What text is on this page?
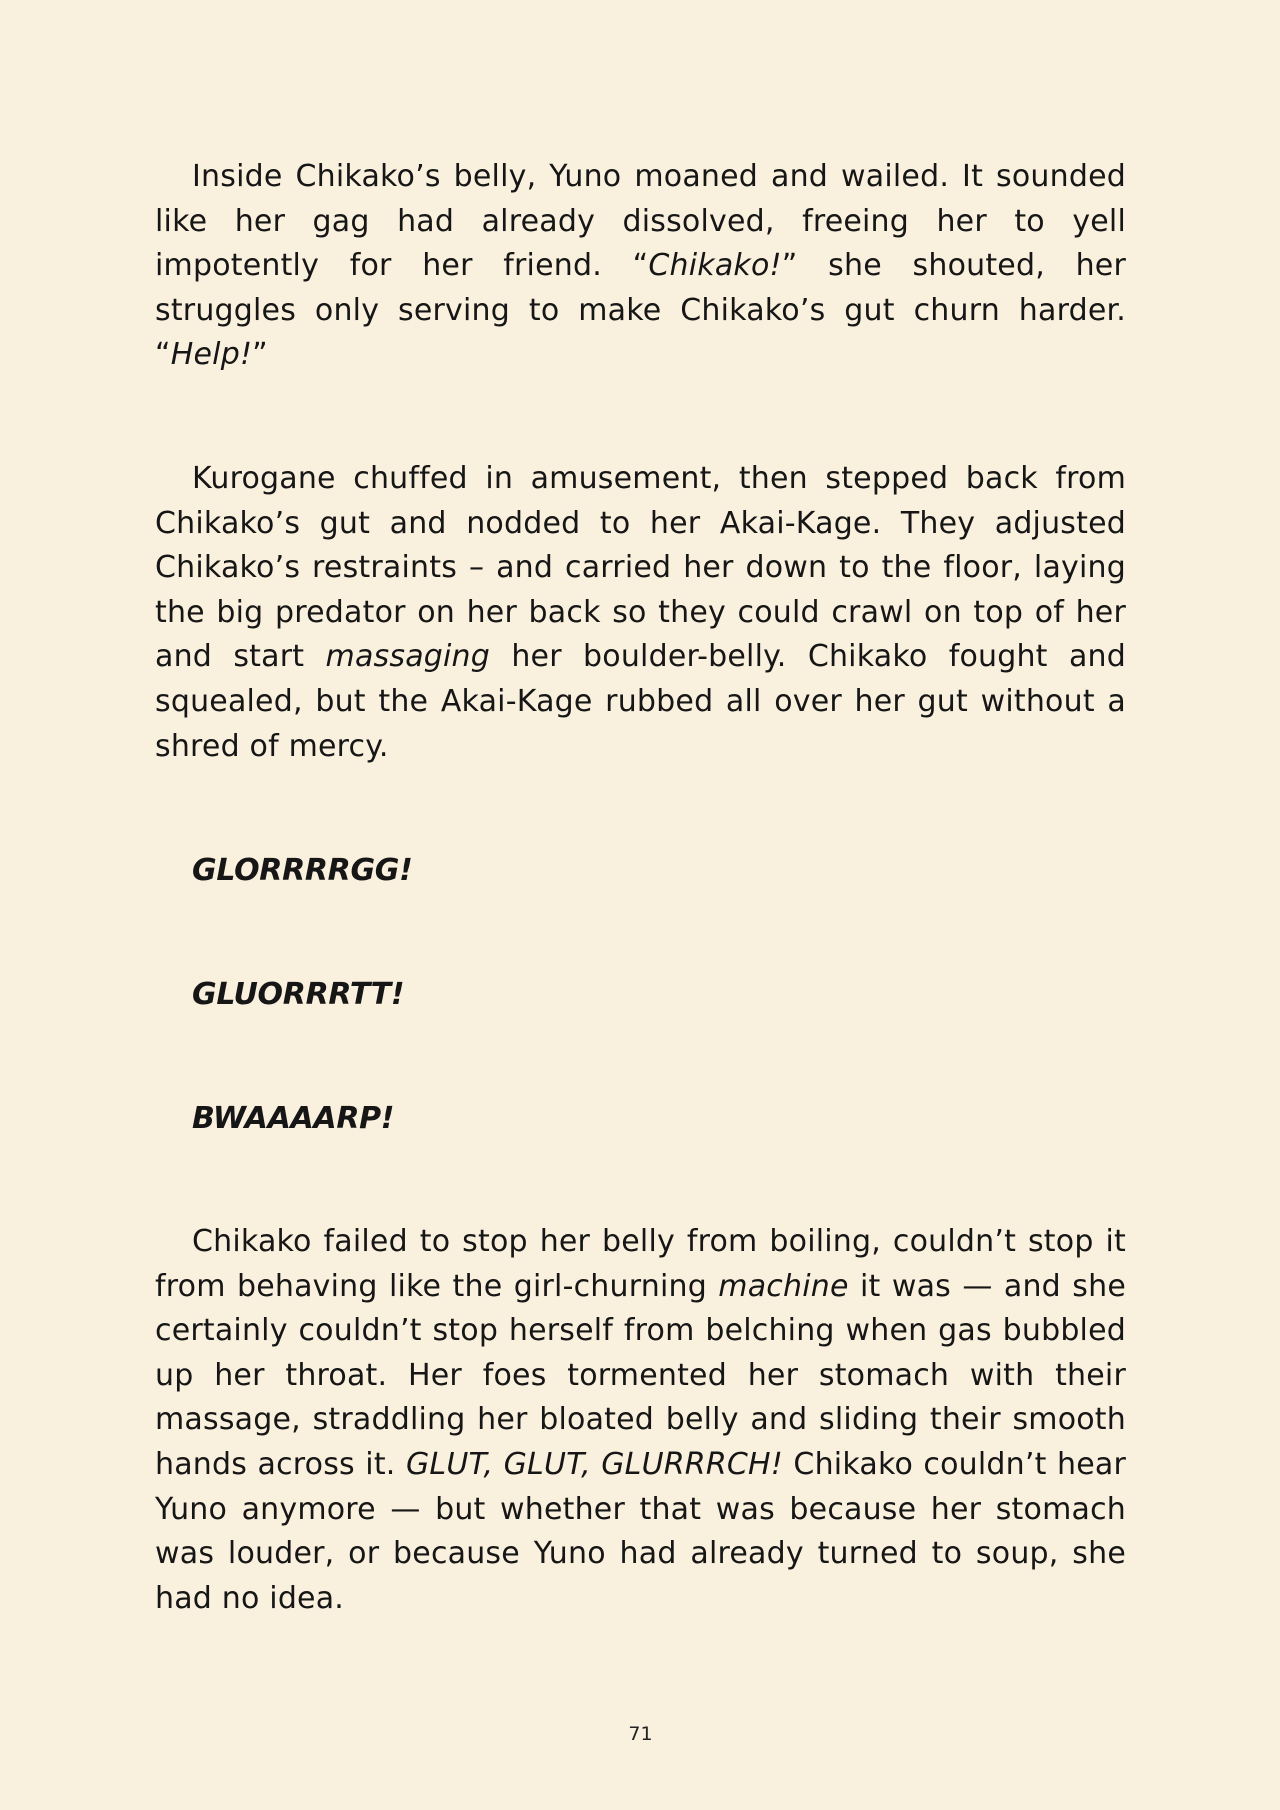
Inside Chikako’s belly, Yuno moaned and wailed. It sounded like her gag had already dissolved, freeing her to yell impotently for her friend. “Chikako!” she shouted, her struggles only serving to make Chikako’s gut churn harder. “Help!”

Kurogane chuffed in amusement, then stepped back from Chikako’s gut and nodded to her Akai-Kage. They adjusted Chikako’s restraints – and carried her down to the floor, laying the big predator on her back so they could crawl on top of her and start massaging her boulder-belly. Chikako fought and squealed, but the Akai-Kage rubbed all over her gut without a shred of mercy.

GLORRRRGG!

GLUORRRTT!

BWAAAARP!

Chikako failed to stop her belly from boiling, couldn’t stop it from behaving like the girl-churning machine it was — and she certainly couldn’t stop herself from belching when gas bubbled up her throat. Her foes tormented her stomach with their massage, straddling her bloated belly and sliding their smooth hands across it. GLUT, GLUT, GLURRRCH! Chikako couldn’t hear Yuno anymore — but whether that was because her stomach was louder, or because Yuno had already turned to soup, she had no idea.

71
